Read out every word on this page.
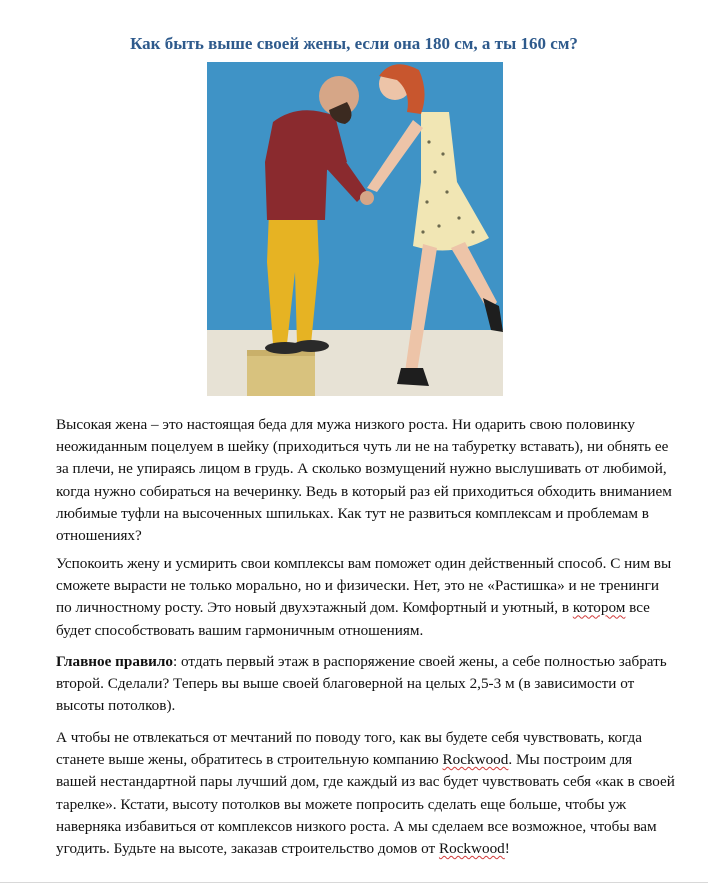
Как быть выше своей жены, если она 180 см, а ты 160 см?

Высокая жена – это настоящая беда для мужа низкого роста. Ни одарить свою половинку неожиданным поцелуем в шейку (приходиться чуть ли не на табуретку вставать), ни обнять ее за плечи, не упираясь лицом в грудь. А сколько возмущений нужно выслушивать от любимой, когда нужно собираться на вечеринку. Ведь в который раз ей приходиться обходить вниманием любимые туфли на высоченных шпильках. Как тут не развиться комплексам и проблемам в отношениях?

Успокоить жену и усмирить свои комплексы вам поможет один действенный способ. С ним вы сможете вырасти не только морально, но и физически. Нет, это не «Растишка» и не тренинги по личностному росту. Это новый двухэтажный дом. Комфортный и уютный, в котором все будет способствовать вашим гармоничным отношениям.

Главное правило: отдать первый этаж в распоряжение своей жены, а себе полностью забрать второй. Сделали? Теперь вы выше своей благоверной на целых 2,5-3 м (в зависимости от высоты потолков).

А чтобы не отвлекаться от мечтаний по поводу того, как вы будете себя чувствовать, когда станете выше жены, обратитесь в строительную компанию Rockwood. Мы построим для вашей нестандартной пары лучший дом, где каждый из вас будет чувствовать себя «как в своей тарелке». Кстати, высоту потолков вы можете попросить сделать еще больше, чтобы уж наверняка избавиться от комплексов низкого роста. А мы сделаем все возможное, чтобы вам угодить. Будьте на высоте, заказав строительство домов от Rockwood!
